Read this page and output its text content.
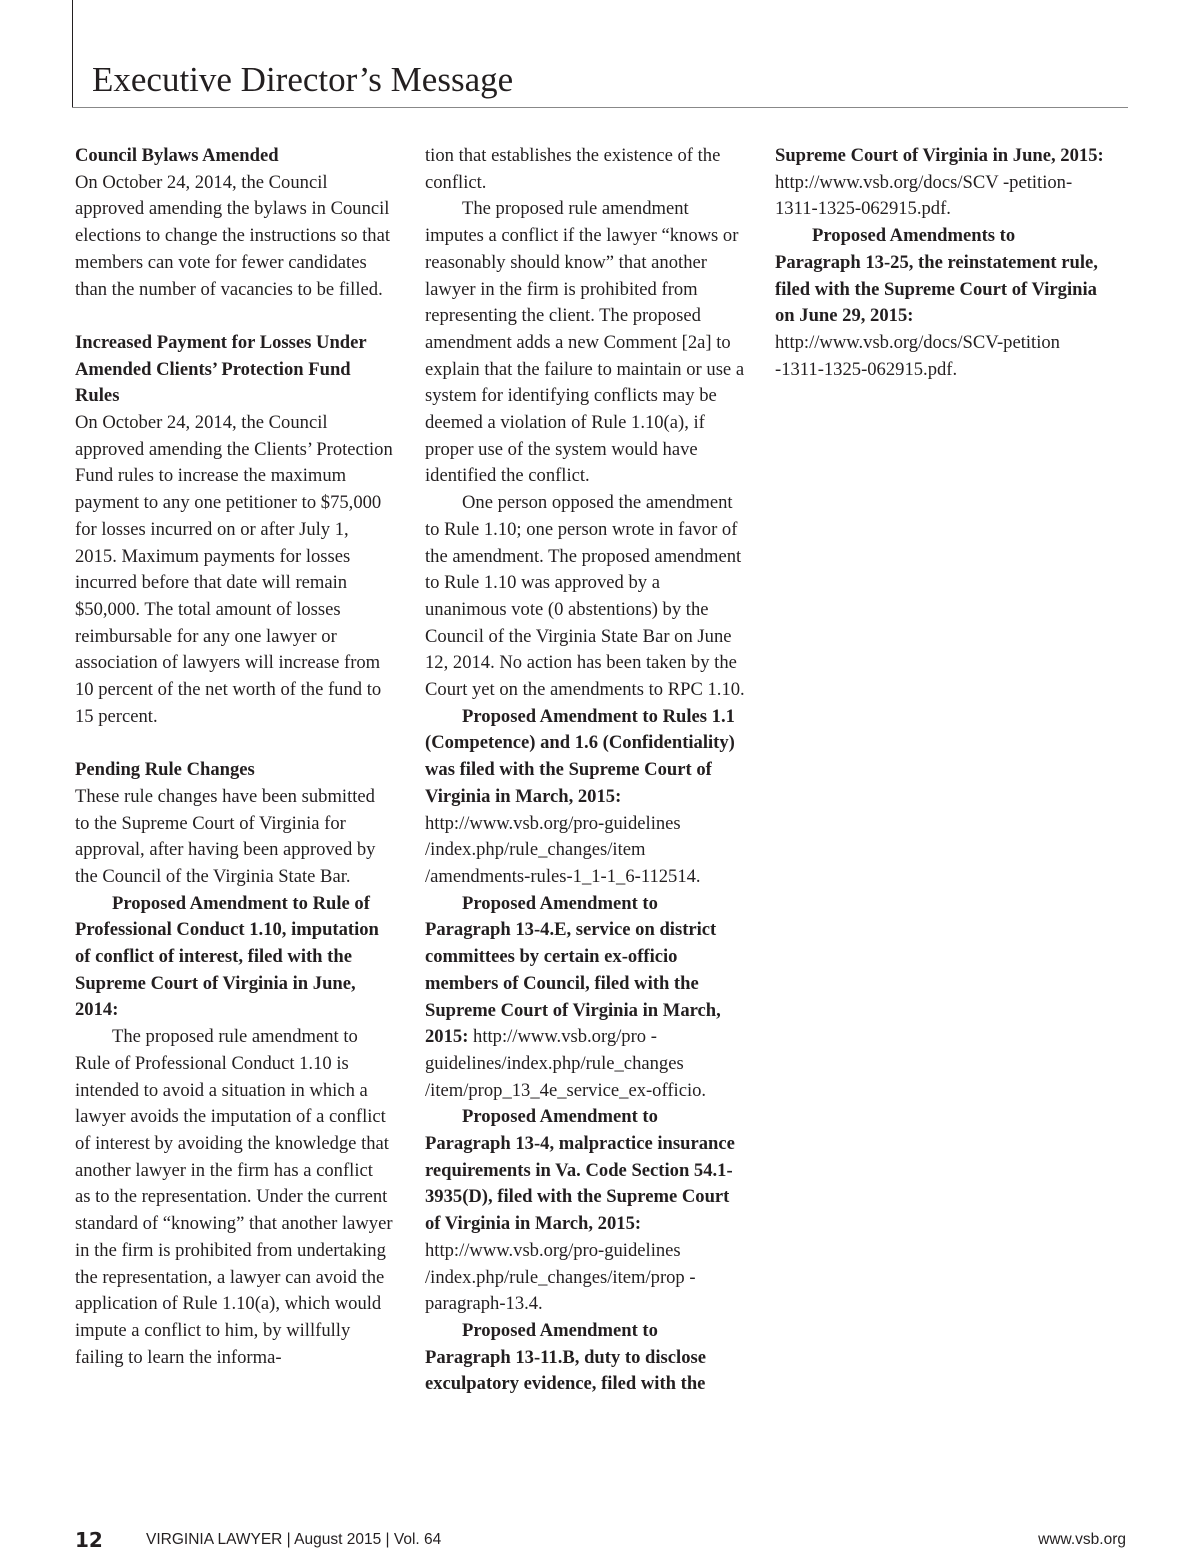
Executive Director’s Message

Council Bylaws Amended

On October 24, 2014, the Council approved amending the bylaws in Council elections to change the instructions so that members can vote for fewer candidates than the number of vacancies to be filled.

Increased Payment for Losses Under Amended Clients’ Protection Fund Rules

On October 24, 2014, the Council approved amending the Clients’ Protection Fund rules to increase the maximum payment to any one petitioner to $75,000 for losses incurred on or after July 1, 2015. Maximum payments for losses incurred before that date will remain $50,000. The total amount of losses reimbursable for any one lawyer or association of lawyers will increase from 10 percent of the net worth of the fund to 15 percent.

Pending Rule Changes

These rule changes have been submitted to the Supreme Court of Virginia for approval, after having been approved by the Council of the Virginia State Bar.

Proposed Amendment to Rule of Professional Conduct 1.10, imputation of conflict of interest, filed with the Supreme Court of Virginia in June, 2014:

The proposed rule amendment to Rule of Professional Conduct 1.10 is intended to avoid a situation in which a lawyer avoids the imputation of a conflict of interest by avoiding the knowledge that another lawyer in the firm has a conflict as to the representation. Under the current standard of “knowing” that another lawyer in the firm is prohibited from undertaking the representation, a lawyer can avoid the application of Rule 1.10(a), which would impute a conflict to him, by willfully failing to learn the informa-

tion that establishes the existence of the conflict.

The proposed rule amendment imputes a conflict if the lawyer “knows or reasonably should know” that another lawyer in the firm is prohibited from representing the client. The proposed amendment adds a new Comment [2a] to explain that the failure to maintain or use a system for identifying conflicts may be deemed a violation of Rule 1.10(a), if proper use of the system would have identified the conflict.

One person opposed the amendment to Rule 1.10; one person wrote in favor of the amendment. The proposed amendment to Rule 1.10 was approved by a unanimous vote (0 abstentions) by the Council of the Virginia State Bar on June 12, 2014. No action has been taken by the Court yet on the amendments to RPC 1.10.

Proposed Amendment to Rules 1.1 (Competence) and 1.6 (Confidentiality) was filed with the Supreme Court of Virginia in March, 2015: http://www.vsb.org/pro-guidelines /index.php/rule_changes/item /amendments-rules-1_1-1_6-112514.

Proposed Amendment to Paragraph 13-4.E, service on district committees by certain ex-officio members of Council, filed with the Supreme Court of Virginia in March, 2015: http://www.vsb.org/pro -guidelines/index.php/rule_changes /item/prop_13_4e_service_ex-officio.

Proposed Amendment to Paragraph 13-4, malpractice insurance requirements in Va. Code Section 54.1-3935(D), filed with the Supreme Court of Virginia in March, 2015: http://www.vsb.org/pro-guidelines /index.php/rule_changes/item/prop -paragraph-13.4.

Proposed Amendment to Paragraph 13-11.B, duty to disclose exculpatory evidence, filed with the

Supreme Court of Virginia in June, 2015: http://www.vsb.org/docs/SCV -petition-1311-1325-062915.pdf.

Proposed Amendments to Paragraph 13-25, the reinstatement rule, filed with the Supreme Court of Virginia on June 29, 2015: http://www.vsb.org/docs/SCV-petition -1311-1325-062915.pdf.

12	VIRGINIA LAWYER | August 2015 | Vol. 64	www.vsb.org
